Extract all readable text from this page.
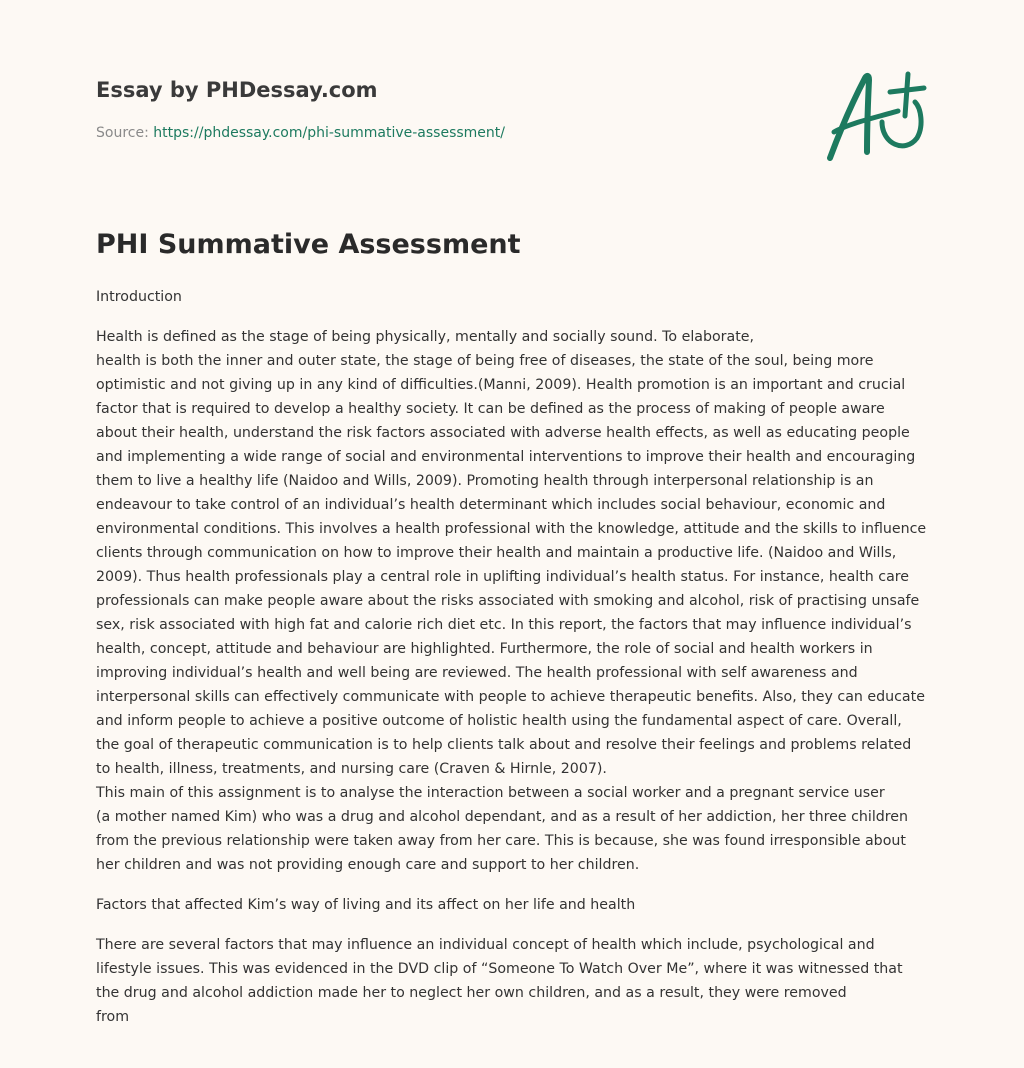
Essay by PHDessay.com
Source: https://phdessay.com/phi-summative-assessment/
PHI Summative Assessment

Introduction

Health is defined as the stage of being physically, mentally and socially sound. To elaborate,
health is both the inner and outer state, the stage of being free of diseases, the state of the soul, being more optimistic and not giving up in any kind of difficulties.(Manni, 2009). Health promotion is an important and crucial factor that is required to develop a healthy society. It can be defined as the process of making of people aware about their health, understand the risk factors associated with adverse health effects, as well as educating people and implementing a wide range of social and environmental interventions to improve their health and encouraging them to live a healthy life (Naidoo and Wills, 2009). Promoting health through interpersonal relationship is an endeavour to take control of an individual’s health determinant which includes social behaviour, economic and environmental conditions. This involves a health professional with the knowledge, attitude and the skills to influence clients through communication on how to improve their health and maintain a productive life. (Naidoo and Wills, 2009). Thus health professionals play a central role in uplifting individual’s health status. For instance, health care professionals can make people aware about the risks associated with smoking and alcohol, risk of practising unsafe sex, risk associated with high fat and calorie rich diet etc. In this report, the factors that may influence individual’s health, concept, attitude and behaviour are highlighted. Furthermore, the role of social and health workers in improving individual’s health and well being are reviewed. The health professional with self awareness and interpersonal skills can effectively communicate with people to achieve therapeutic benefits. Also, they can educate and inform people to achieve a positive outcome of holistic health using the fundamental aspect of care. Overall, the goal of therapeutic communication is to help clients talk about and resolve their feelings and problems related to health, illness, treatments, and nursing care (Craven & Hirnle, 2007).

This main of this assignment is to analyse the interaction between a social worker and a pregnant service user
(a mother named Kim) who was a drug and alcohol dependant, and as a result of her addiction, her three children from the previous relationship were taken away from her care. This is because, she was found irresponsible about her children and was not providing enough care and support to her children.

Factors that affected Kim’s way of living and its affect on her life and health

There are several factors that may influence an individual concept of health which include, psychological and lifestyle issues. This was evidenced in the DVD clip of “Someone To Watch Over Me”, where it was witnessed that the drug and alcohol addiction made her to neglect her own children, and as a result, they were removed
from
